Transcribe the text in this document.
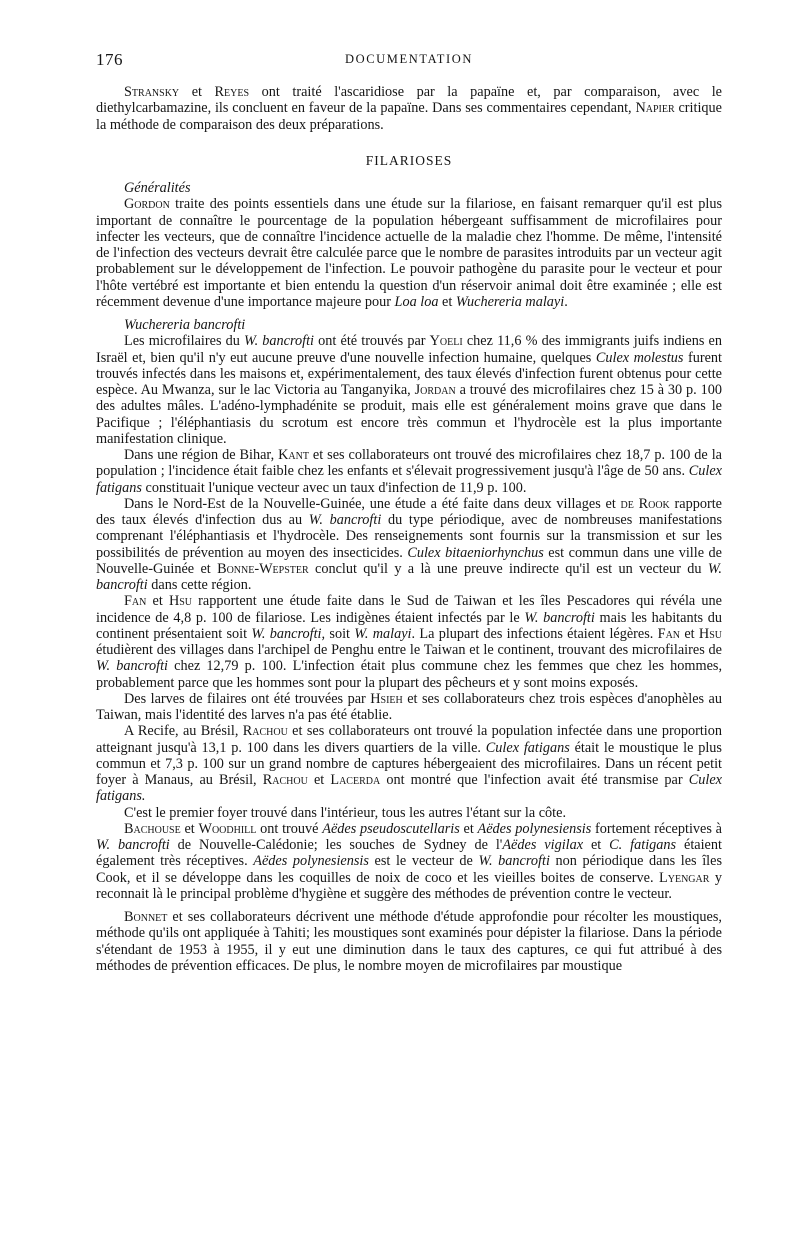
176	DOCUMENTATION

Stransky et Reyes ont traité l'ascaridiose par la papaïne et, par comparaison, avec le diethylcarbamazine, ils concluent en faveur de la papaïne. Dans ses commentaires cependant, Napier critique la méthode de comparaison des deux préparations.

FILARIOSES

Généralités

Gordon traite des points essentiels dans une étude sur la filariose, en faisant remarquer qu'il est plus important de connaître le pourcentage de la population hébergeant suffisamment de microfilaires pour infecter les vecteurs, que de connaître l'incidence actuelle de la maladie chez l'homme. De même, l'intensité de l'infection des vecteurs devrait être calculée parce que le nombre de parasites introduits par un vecteur agit probablement sur le développement de l'infection. Le pouvoir pathogène du parasite pour le vecteur et pour l'hôte vertébré est importante et bien entendu la question d'un réservoir animal doit être examinée ; elle est récemment devenue d'une importance majeure pour Loa loa et Wuchereria malayi.

Wuchereria bancrofti

Les microfilaires du W. bancrofti ont été trouvés par Yoeli chez 11,6 % des immigrants juifs indiens en Israël et, bien qu'il n'y eut aucune preuve d'une nouvelle infection humaine, quelques Culex molestus furent trouvés infectés dans les maisons et, expérimentalement, des taux élevés d'infection furent obtenus pour cette espèce. Au Mwanza, sur le lac Victoria au Tanganyika, Jordan a trouvé des microfilaires chez 15 à 30 p. 100 des adultes mâles. L'adéno-lymphadénite se produit, mais elle est généralement moins grave que dans le Pacifique ; l'éléphantiasis du scrotum est encore très commun et l'hydrocèle est la plus importante manifestation clinique.

Dans une région de Bihar, Kant et ses collaborateurs ont trouvé des microfilaires chez 18,7 p. 100 de la population ; l'incidence était faible chez les enfants et s'élevait progressivement jusqu'à l'âge de 50 ans. Culex fatigans constituait l'unique vecteur avec un taux d'infection de 11,9 p. 100.

Dans le Nord-Est de la Nouvelle-Guinée, une étude a été faite dans deux villages et de Rook rapporte des taux élevés d'infection dus au W. bancrofti du type périodique, avec de nombreuses manifestations comprenant l'éléphantiasis et l'hydrocèle. Des renseignements sont fournis sur la transmission et sur les possibilités de prévention au moyen des insecticides. Culex bitaeniorhynchus est commun dans une ville de Nouvelle-Guinée et Bonne-Wepster conclut qu'il y a là une preuve indirecte qu'il est un vecteur du W. bancrofti dans cette région.

Fan et Hsu rapportent une étude faite dans le Sud de Taiwan et les îles Pescadores qui révéla une incidence de 4,8 p. 100 de filariose. Les indigènes étaient infectés par le W. bancrofti mais les habitants du continent présentaient soit W. bancrofti, soit W. malayi. La plupart des infections étaient légères. Fan et Hsu étudièrent des villages dans l'archipel de Penghu entre le Taiwan et le continent, trouvant des microfilaires de W. bancrofti chez 12,79 p. 100. L'infection était plus commune chez les femmes que chez les hommes, probablement parce que les hommes sont pour la plupart des pêcheurs et y sont moins exposés.

Des larves de filaires ont été trouvées par Hsieh et ses collaborateurs chez trois espèces d'anophèles au Taiwan, mais l'identité des larves n'a pas été établie.

A Recife, au Brésil, Rachou et ses collaborateurs ont trouvé la population infectée dans une proportion atteignant jusqu'à 13,1 p. 100 dans les divers quartiers de la ville. Culex fatigans était le moustique le plus commun et 7,3 p. 100 sur un grand nombre de captures hébergeaient des microfilaires. Dans un récent petit foyer à Manaus, au Brésil, Rachou et Lacerda ont montré que l'infection avait été transmise par Culex fatigans.

C'est le premier foyer trouvé dans l'intérieur, tous les autres l'étant sur la côte.

Bachouse et Woodhill ont trouvé Aëdes pseudoscutellaris et Aëdes polynesiensis fortement réceptives à W. bancrofti de Nouvelle-Calédonie; les souches de Sydney de l'Aëdes vigilax et C. fatigans étaient également très réceptives. Aëdes polynesiensis est le vecteur de W. bancrofti non périodique dans les îles Cook, et il se développe dans les coquilles de noix de coco et les vieilles boites de conserve. Lyengar y reconnait là le principal problème d'hygiène et suggère des méthodes de prévention contre le vecteur.

Bonnet et ses collaborateurs décrivent une méthode d'étude approfondie pour récolter les moustiques, méthode qu'ils ont appliquée à Tahiti; les moustiques sont examinés pour dépister la filariose. Dans la période s'étendant de 1953 à 1955, il y eut une diminution dans le taux des captures, ce qui fut attribué à des méthodes de prévention efficaces. De plus, le nombre moyen de microfilaires par moustique
